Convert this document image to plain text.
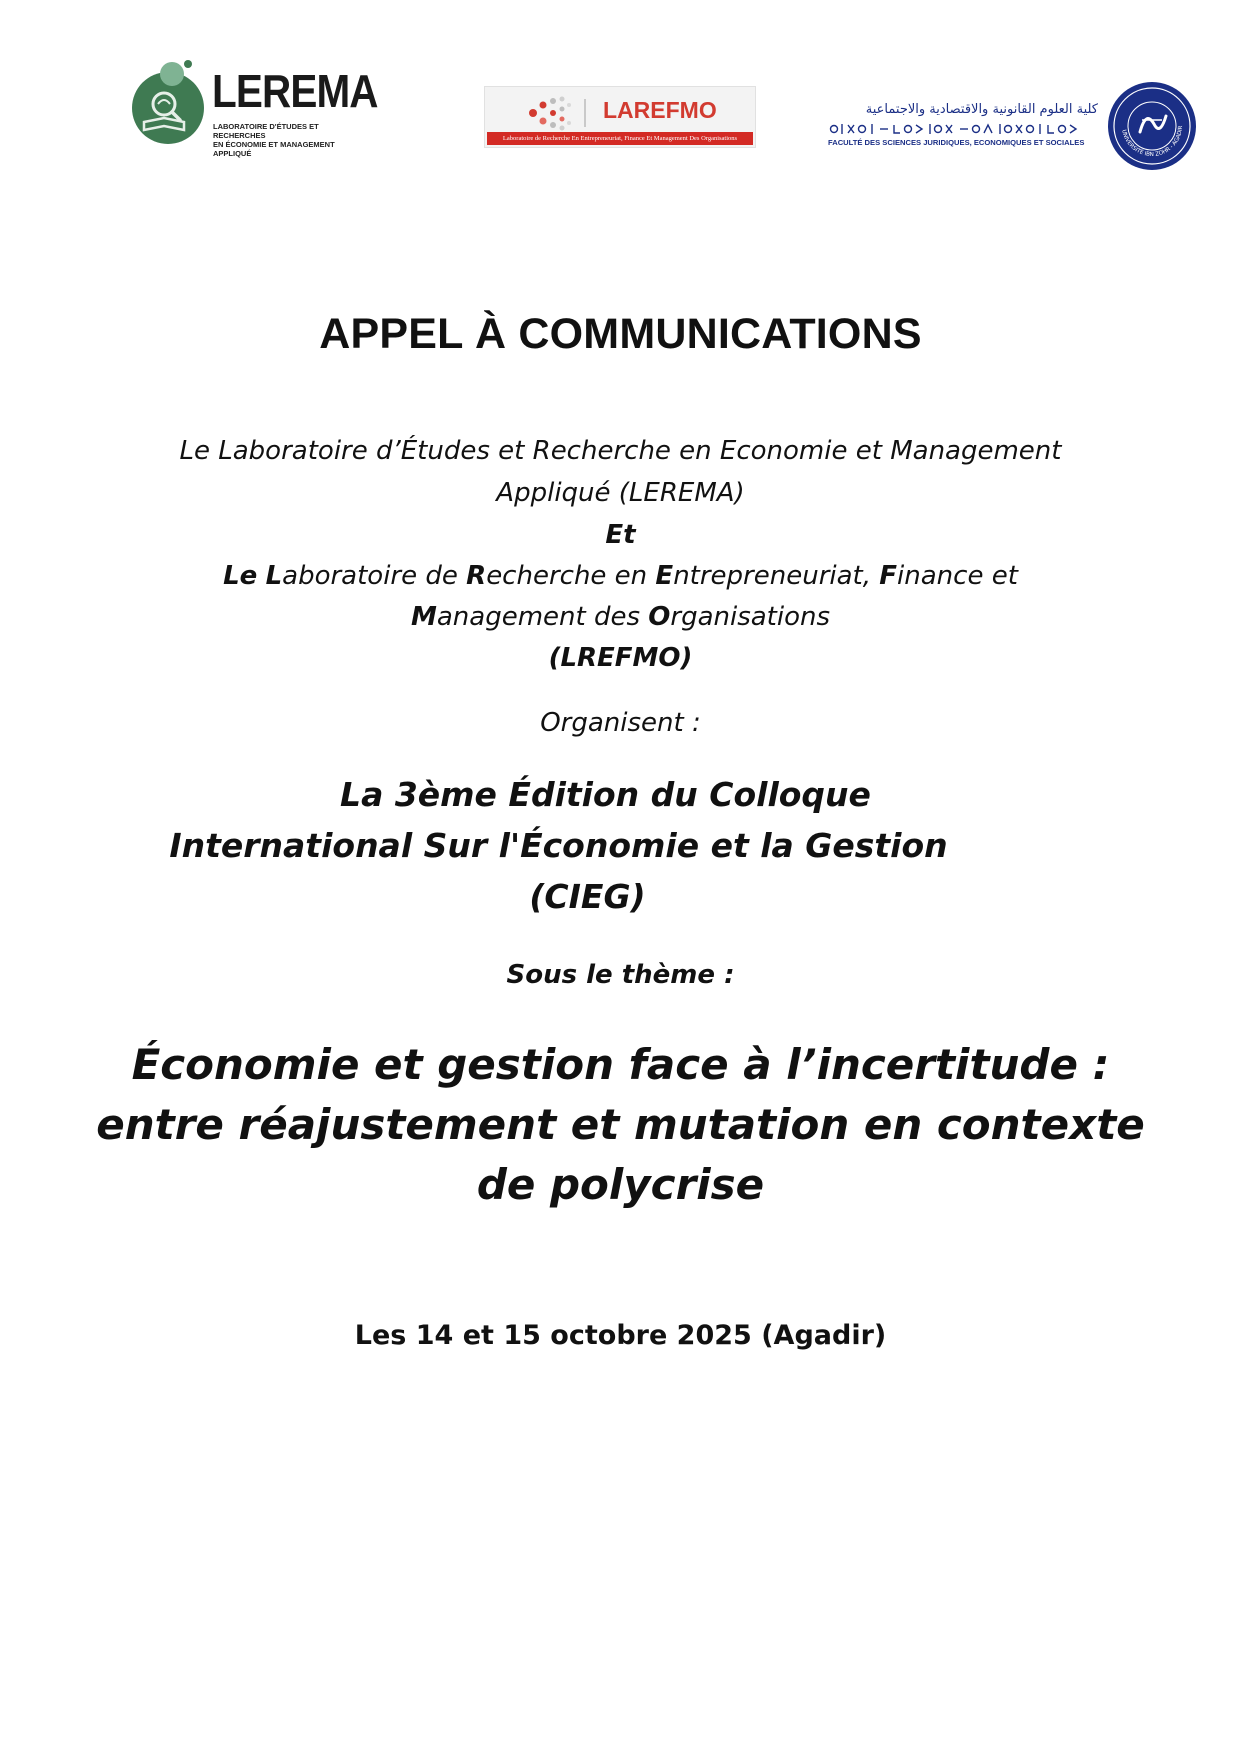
LEREMA
LABORATOIRE D'ÉTUDES ET RECHERCHES
EN ÉCONOMIE ET MANAGEMENT APPLIQUÉ
LAREFMO
Laboratoire de Recherche En Entrepreneuriat, Finance Et Management Des Organisations
كلية العلوم القانونية والاقتصادية والاجتماعية
FACULTÉ DES SCIENCES JURIDIQUES, ECONOMIQUES ET SOCIALES
UNIVERSITÉ IBN ZOHR - AGADIR
APPEL À COMMUNICATIONS
Le Laboratoire d’Études et Recherche en Economie et Management
Appliqué (LEREMA)
Et
Le Laboratoire de Recherche en Entrepreneuriat, Finance et
Management des Organisations
(LREFMO)
Organisent :
La 3ème Édition du Colloque
International Sur l'Économie et la Gestion
(CIEG)
Sous le thème :
Économie et gestion face à l’incertitude :
entre réajustement et mutation en contexte
de polycrise
Les 14 et 15 octobre 2025 (Agadir)
